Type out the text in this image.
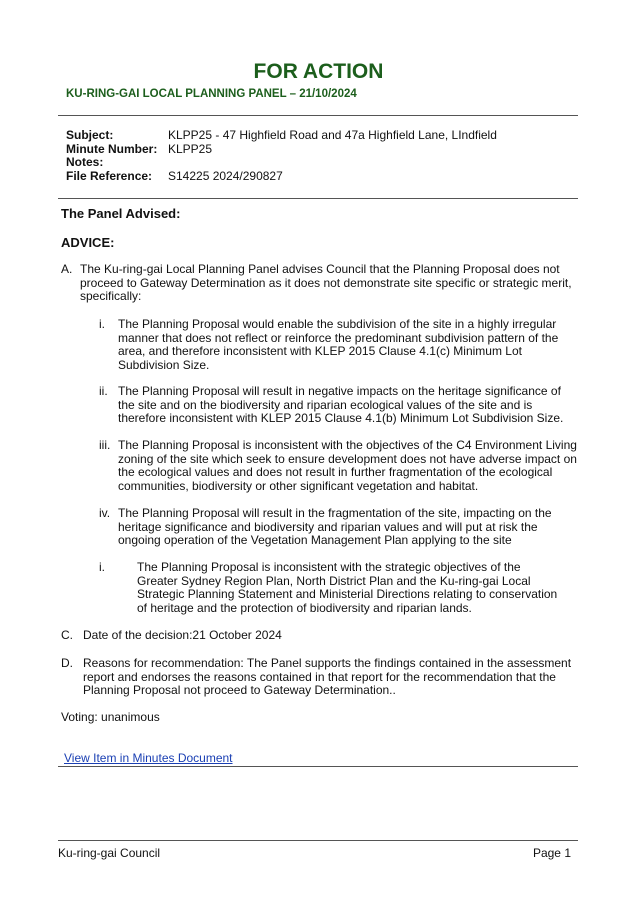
FOR ACTION
KU-RING-GAI LOCAL PLANNING PANEL – 21/10/2024
Subject:	KLPP25 - 47 Highfield Road and 47a Highfield Lane, LIndfield
Minute Number: KLPP25
Notes:
File Reference:	S14225 2024/290827
The Panel Advised:
ADVICE:
A. The Ku-ring-gai Local Planning Panel advises Council that the Planning Proposal does not proceed to Gateway Determination as it does not demonstrate site specific or strategic merit, specifically:
i. The Planning Proposal would enable the subdivision of the site in a highly irregular manner that does not reflect or reinforce the predominant subdivision pattern of the area, and therefore inconsistent with KLEP 2015 Clause 4.1(c) Minimum Lot Subdivision Size.
ii. The Planning Proposal will result in negative impacts on the heritage significance of the site and on the biodiversity and riparian ecological values of the site and is therefore inconsistent with KLEP 2015 Clause 4.1(b) Minimum Lot Subdivision Size.
iii. The Planning Proposal is inconsistent with the objectives of the C4 Environment Living zoning of the site which seek to ensure development does not have adverse impact on the ecological values and does not result in further fragmentation of the ecological communities, biodiversity or other significant vegetation and habitat.
iv. The Planning Proposal will result in the fragmentation of the site, impacting on the heritage significance and biodiversity and riparian values and will put at risk the ongoing operation of the Vegetation Management Plan applying to the site
i.	The Planning Proposal is inconsistent with the strategic objectives of the Greater Sydney Region Plan, North District Plan and the Ku-ring-gai Local Strategic Planning Statement and Ministerial Directions relating to conservation of heritage and the protection of biodiversity and riparian lands.
C. Date of the decision:21 October 2024
D. Reasons for recommendation: The Panel supports the findings contained in the assessment report and endorses the reasons contained in that report for the recommendation that the Planning Proposal not proceed to Gateway Determination..
Voting: unanimous
View Item in Minutes Document
Ku-ring-gai Council	Page 1
